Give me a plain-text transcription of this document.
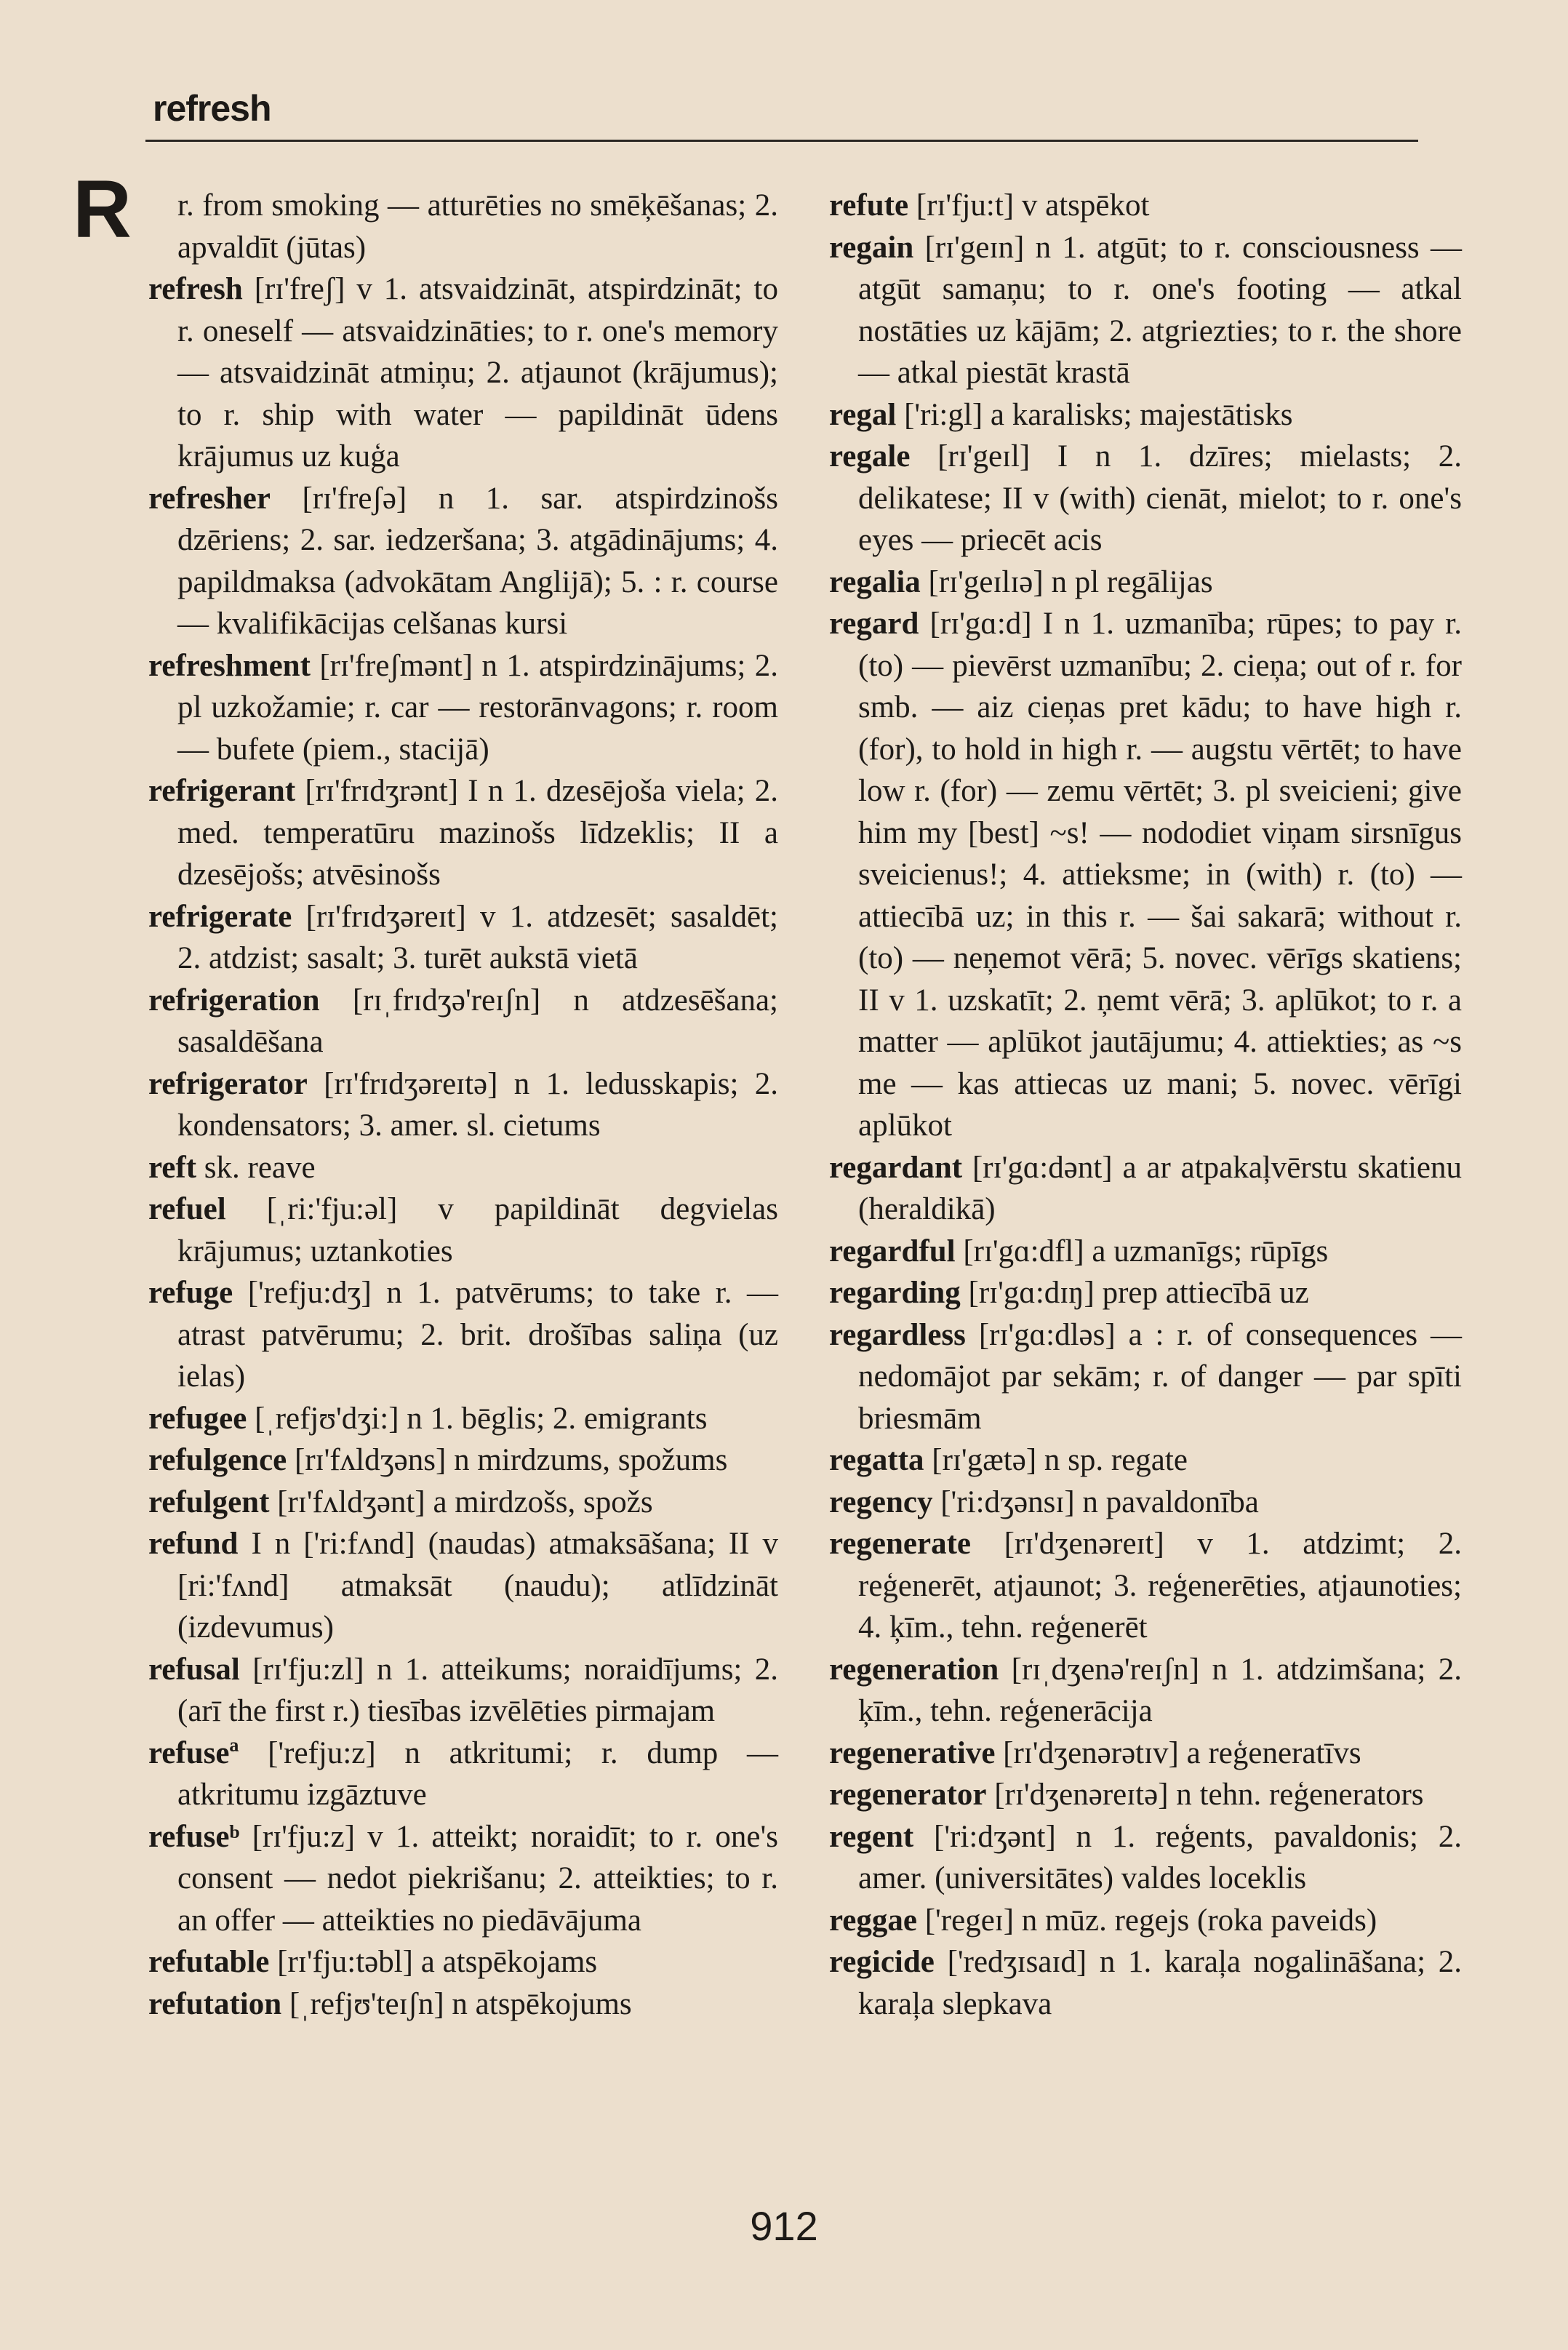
refresh
R	r. from smoking — atturēties no smēķēšanas; 2. apvaldīt (jūtas)

refresh [rɪ'freʃ] v 1. atsvaidzināt, atspirdzināt; to r. oneself — atsvaidzināties; to r. one's memory — atsvaidzināt atmiņu; 2. atjaunot (krājumus); to r. ship with water — papildināt ūdens krājumus uz kuģa

refresher [rɪ'freʃə] n 1. sar. atspirdzinošs dzēriens; 2. sar. iedzeršana; 3. atgādinājums; 4. papildmaksa (advokātam Anglijā); 5. : r. course — kvalifikācijas celšanas kursi

refreshment [rɪ'freʃmənt] n 1. atspirdzinājums; 2. pl uzkožamie; r. car — restorānvagons; r. room — bufete (piem., stacijā)

refrigerant [rɪ'frɪdʒrənt] I n 1. dzesējoša viela; 2. med. temperatūru mazinošs līdzeklis; II a dzesējošs; atvēsinošs

refrigerate [rɪ'frɪdʒəreɪt] v 1. atdzesēt; sasaldēt; 2. atdzist; sasalt; 3. turēt aukstā vietā

refrigeration [rɪˌfrɪdʒə'reɪʃn] n atdzesēšana; sasaldēšana

refrigerator [rɪ'frɪdʒəreɪtə] n 1. ledusskapis; 2. kondensators; 3. amer. sl. cietums

reft sk. reave

refuel [ˌri:'fju:əl] v papildināt degvielas krājumus; uztankoties

refuge ['refju:dʒ] n 1. patvērums; to take r. — atrast patvērumu; 2. brit. drošības saliņa (uz ielas)

refugee [ˌrefjʊ'dʒi:] n 1. bēglis; 2. emigrants

refulgence [rɪ'fʌldʒəns] n mirdzums, spožums

refulgent [rɪ'fʌldʒənt] a mirdzošs, spožs

refund I n ['ri:fʌnd] (naudas) atmaksāšana; II v [ri:'fʌnd] atmaksāt (naudu); atlīdzināt (izdevumus)

refusal [rɪ'fju:zl] n 1. atteikums; noraidījums; 2. (arī the first r.) tiesības izvēlēties pirmajam

refuseª ['refju:z] n atkritumi; r. dump — atkritumu izgāztuve

refuseᵇ [rɪ'fju:z] v 1. atteikt; noraidīt; to r. one's consent — nedot piekrišanu; 2. atteikties; to r. an offer — atteikties no piedāvājuma

refutable [rɪ'fju:təbl] a atspēkojams

refutation [ˌrefjʊ'teɪʃn] n atspēkojums

refute [rɪ'fju:t] v atspēkot

regain [rɪ'geɪn] n 1. atgūt; to r. consciousness — atgūt samaņu; to r. one's footing — atkal nostāties uz kājām; 2. atgriezties; to r. the shore — atkal piestāt krastā

regal ['ri:gl] a karalisks; majestātisks

regale [rɪ'geɪl] I n 1. dzīres; mielasts; 2. delikatese; II v (with) cienāt, mielot; to r. one's eyes — priecēt acis

regalia [rɪ'geɪlɪə] n pl regālijas

regard [rɪ'gɑ:d] I n 1. uzmanība; rūpes; to pay r. (to) — pievērst uzmanību; 2. cieņa; out of r. for smb. — aiz cieņas pret kādu; to have high r. (for), to hold in high r. — augstu vērtēt; to have low r. (for) — zemu vērtēt; 3. pl sveicieni; give him my [best] ~s! — nododiet viņam sirsnīgus sveicienus!; 4. attieksme; in (with) r. (to) — attiecībā uz; in this r. — šai sakarā; without r. (to) — neņemot vērā; 5. novec. vērīgs skatiens; II v 1. uzskatīt; 2. ņemt vērā; 3. aplūkot; to r. a matter — aplūkot jautājumu; 4. attiekties; as ~s me — kas attiecas uz mani; 5. novec. vērīgi aplūkot

regardant [rɪ'gɑ:dənt] a ar atpakaļvērstu skatienu (heraldikā)

regardful [rɪ'gɑ:dfl] a uzmanīgs; rūpīgs

regarding [rɪ'gɑ:dɪŋ] prep attiecībā uz

regardless [rɪ'gɑ:dləs] a : r. of consequences — nedomājot par sekām; r. of danger — par spīti briesmām

regatta [rɪ'gætə] n sp. regate

regency ['ri:dʒənsɪ] n pavaldonība

regenerate [rɪ'dʒenəreɪt] v 1. atdzimt; 2. reģenerēt, atjaunot; 3. reģenerēties, atjaunoties; 4. ķīm., tehn. reģenerēt

regeneration [rɪˌdʒenə'reɪʃn] n 1. atdzimšana; 2. ķīm., tehn. reģenerācija

regenerative [rɪ'dʒenərətɪv] a reģeneratīvs

regenerator [rɪ'dʒenəreɪtə] n tehn. reģenerators

regent ['ri:dʒənt] n 1. reģents, pavaldonis; 2. amer. (universitātes) valdes loceklis

reggae ['regeɪ] n mūz. regejs (roka paveids)

regicide ['redʒɪsaɪd] n 1. karaļa nogalināšana; 2. karaļa slepkava

912
